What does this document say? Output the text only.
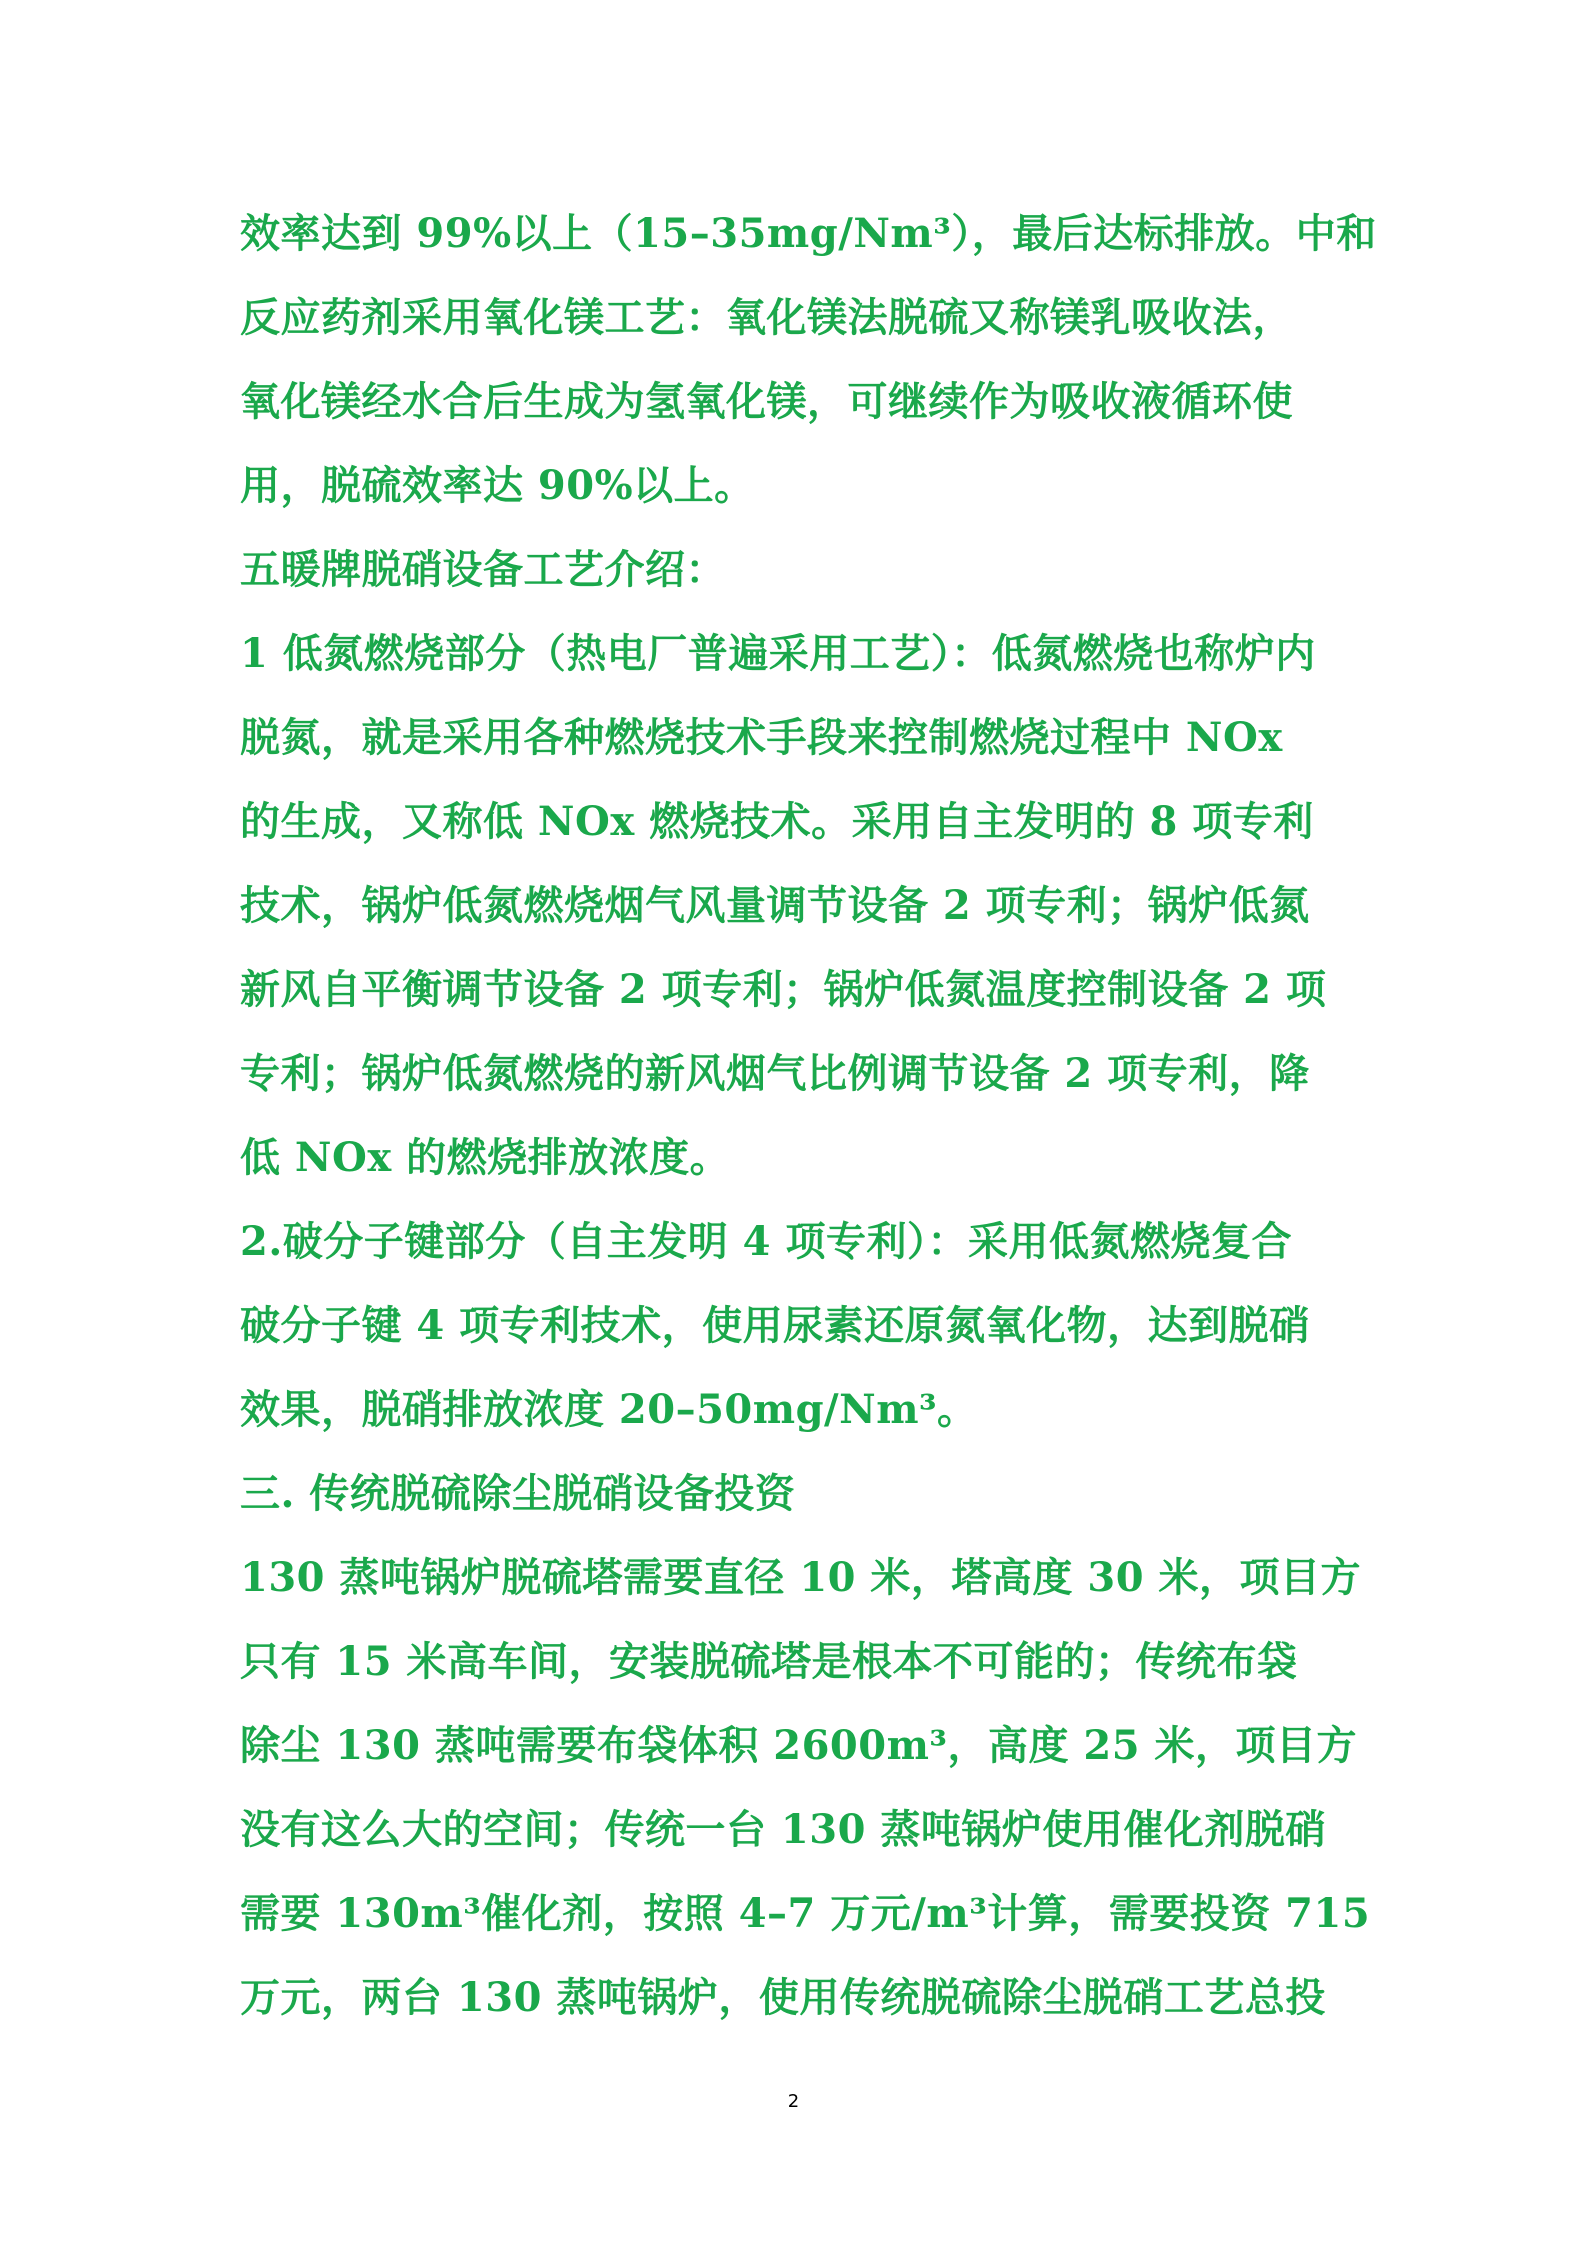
效率达到 99%以上（15–35mg/Nm³），最后达标排放。中和
反应药剂采用氧化镁工艺：氧化镁法脱硫又称镁乳吸收法，
氧化镁经水合后生成为氢氧化镁，可继续作为吸收液循环使
用，脱硫效率达 90%以上。
五暖牌脱硝设备工艺介绍：
1 低氮燃烧部分（热电厂普遍采用工艺）：低氮燃烧也称炉内
脱氮，就是采用各种燃烧技术手段来控制燃烧过程中 NOx
的生成，又称低 NOx 燃烧技术。采用自主发明的 8 项专利
技术，锅炉低氮燃烧烟气风量调节设备 2 项专利；锅炉低氮
新风自平衡调节设备 2 项专利；锅炉低氮温度控制设备 2 项
专利；锅炉低氮燃烧的新风烟气比例调节设备 2 项专利，降
低 NOx 的燃烧排放浓度。
2.破分子键部分（自主发明 4 项专利）：采用低氮燃烧复合
破分子键 4 项专利技术，使用尿素还原氮氧化物，达到脱硝
效果，脱硝排放浓度 20–50mg/Nm³。
三. 传统脱硫除尘脱硝设备投资
130 蒸吨锅炉脱硫塔需要直径 10 米，塔高度 30 米，项目方
只有 15 米高车间，安装脱硫塔是根本不可能的；传统布袋
除尘 130 蒸吨需要布袋体积 2600m³，高度 25 米，项目方
没有这么大的空间；传统一台 130 蒸吨锅炉使用催化剂脱硝
需要 130m³催化剂，按照 4–7 万元/m³计算，需要投资 715
万元，两台 130 蒸吨锅炉，使用传统脱硫除尘脱硝工艺总投
2
